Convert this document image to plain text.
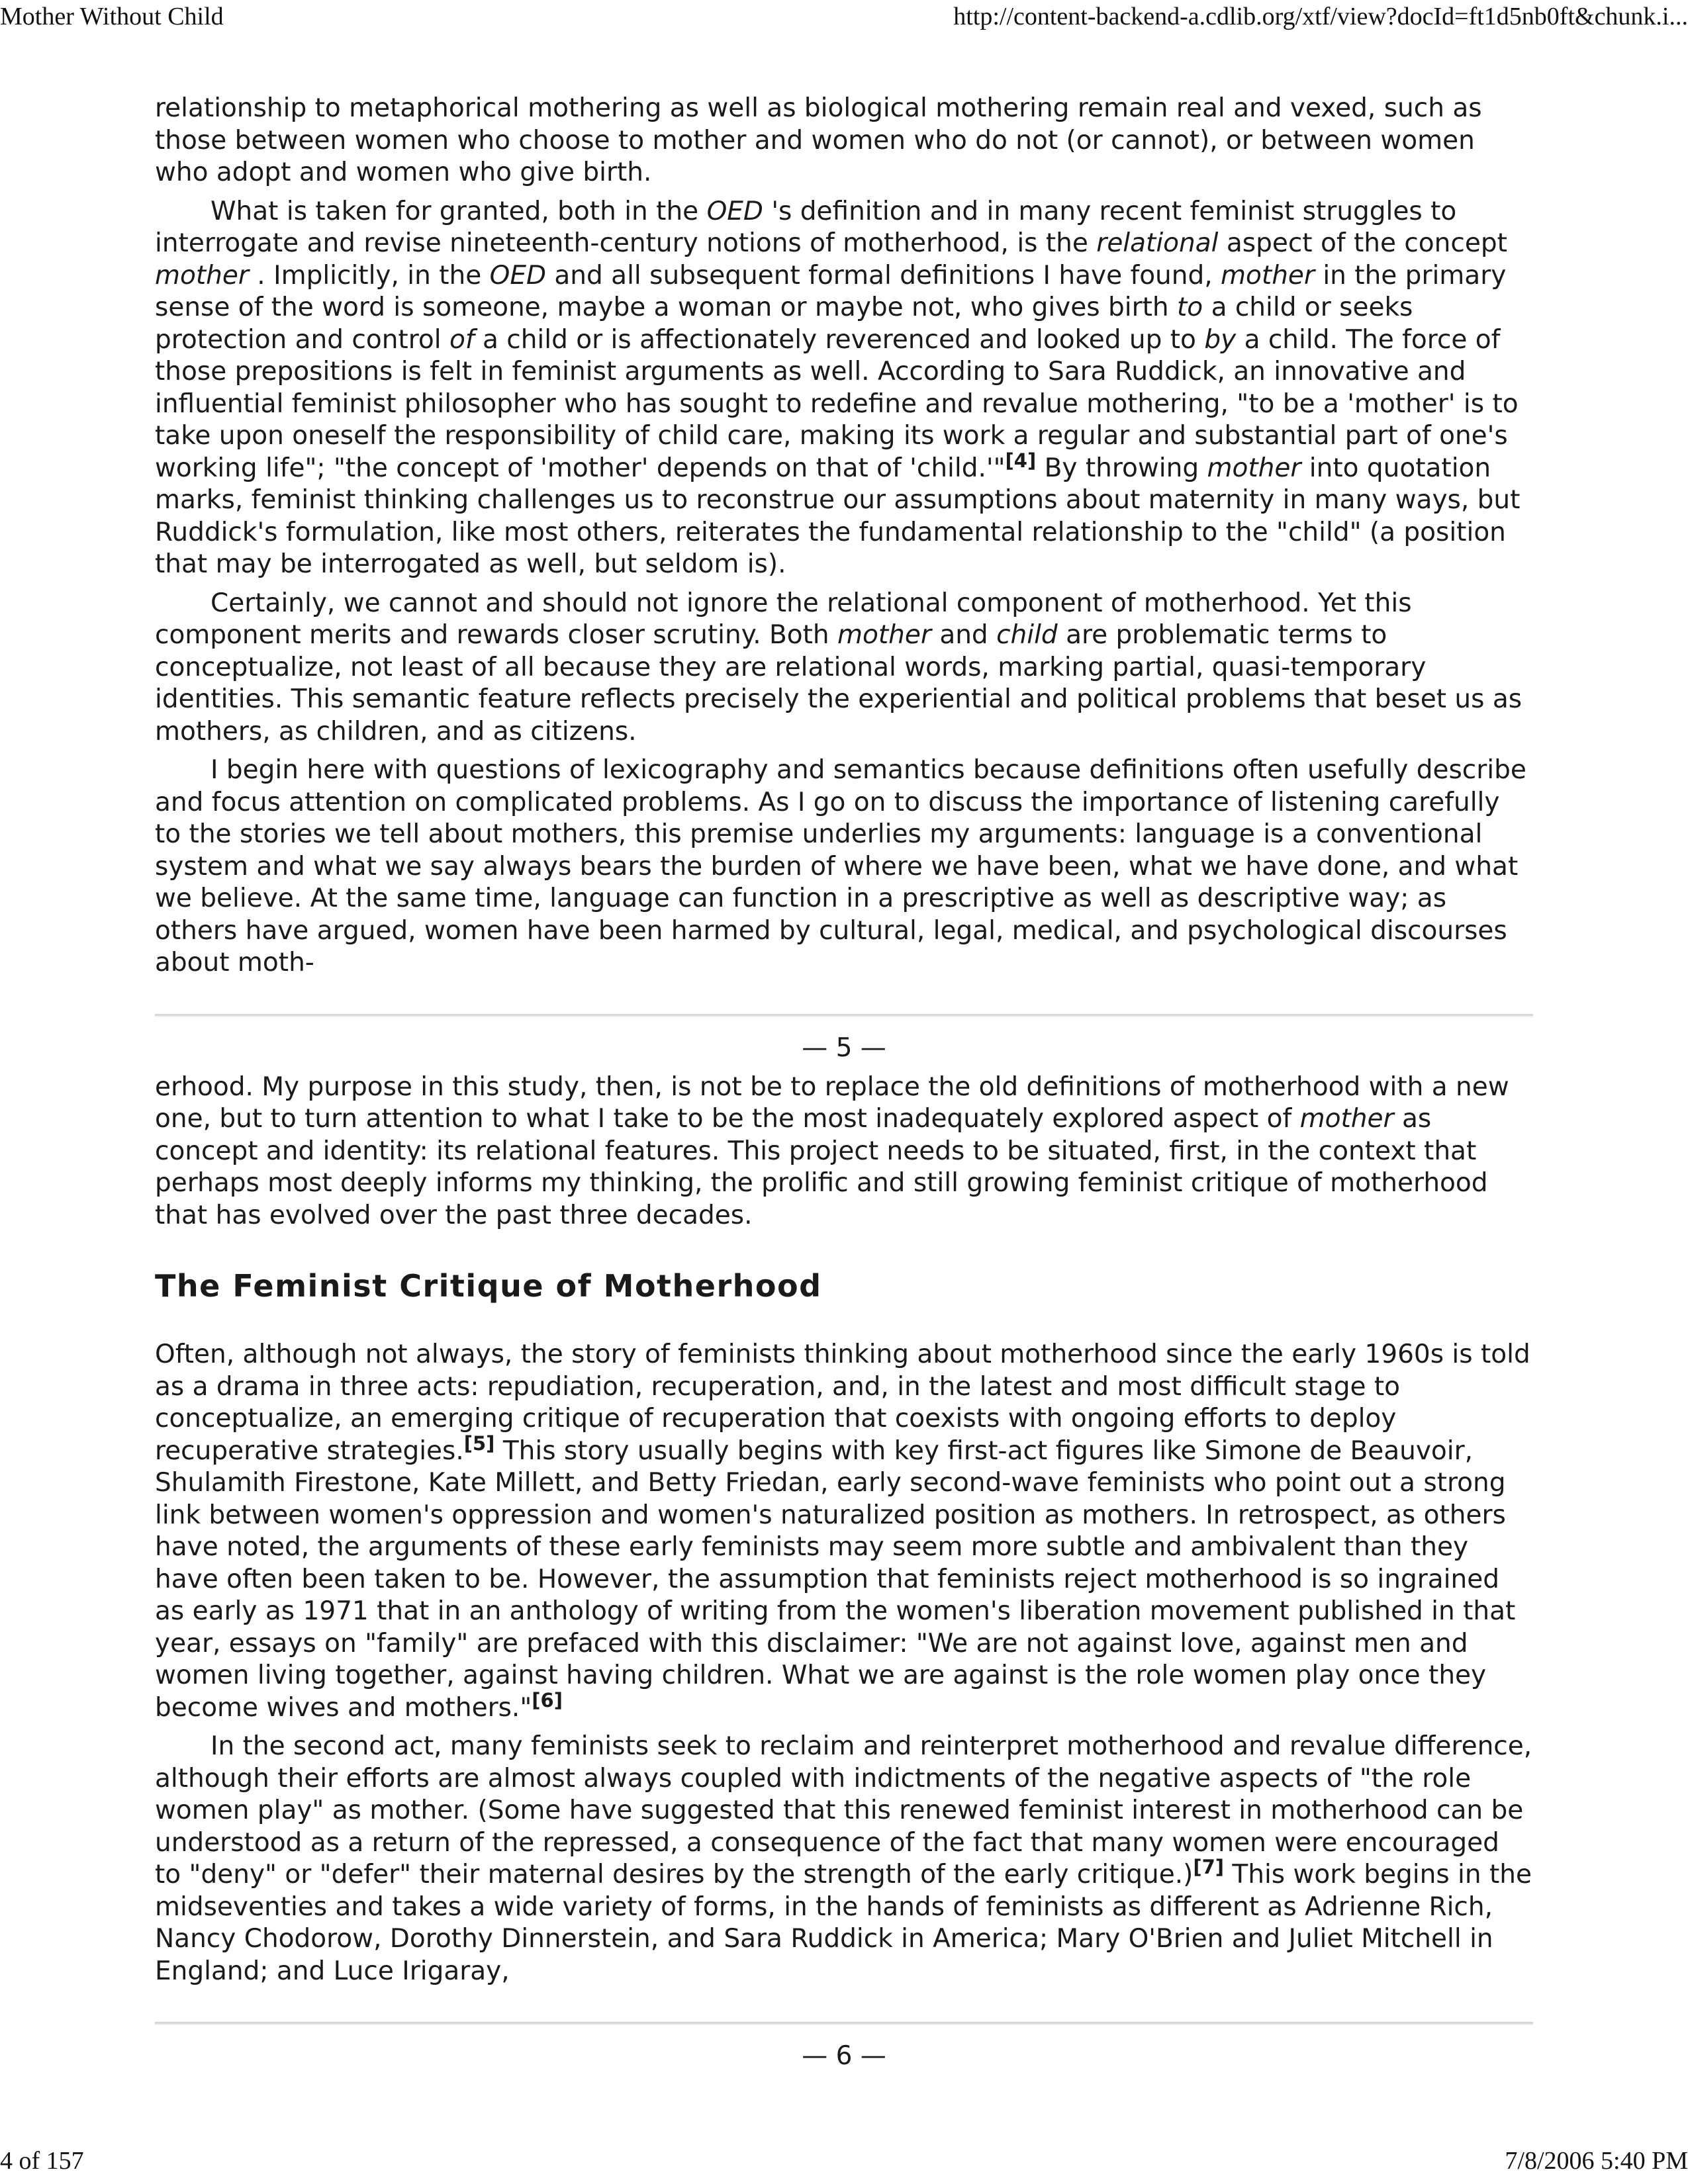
Mother Without Child	http://content-backend-a.cdlib.org/xtf/view?docId=ft1d5nb0ft&chunk.i...

relationship to metaphorical mothering as well as biological mothering remain real and vexed, such as those between women who choose to mother and women who do not (or cannot), or between women who adopt and women who give birth.

What is taken for granted, both in the OED 's definition and in many recent feminist struggles to interrogate and revise nineteenth-century notions of motherhood, is the relational aspect of the concept mother . Implicitly, in the OED and all subsequent formal definitions I have found, mother in the primary sense of the word is someone, maybe a woman or maybe not, who gives birth to a child or seeks protection and control of a child or is affectionately reverenced and looked up to by a child. The force of those prepositions is felt in feminist arguments as well. According to Sara Ruddick, an innovative and influential feminist philosopher who has sought to redefine and revalue mothering, "to be a 'mother' is to take upon oneself the responsibility of child care, making its work a regular and substantial part of one's working life"; "the concept of 'mother' depends on that of 'child.'"[4] By throwing mother into quotation marks, feminist thinking challenges us to reconstrue our assumptions about maternity in many ways, but Ruddick's formulation, like most others, reiterates the fundamental relationship to the "child" (a position that may be interrogated as well, but seldom is).

Certainly, we cannot and should not ignore the relational component of motherhood. Yet this component merits and rewards closer scrutiny. Both mother and child are problematic terms to conceptualize, not least of all because they are relational words, marking partial, quasi-temporary identities. This semantic feature reflects precisely the experiential and political problems that beset us as mothers, as children, and as citizens.

I begin here with questions of lexicography and semantics because definitions often usefully describe and focus attention on complicated problems. As I go on to discuss the importance of listening carefully to the stories we tell about mothers, this premise underlies my arguments: language is a conventional system and what we say always bears the burden of where we have been, what we have done, and what we believe. At the same time, language can function in a prescriptive as well as descriptive way; as others have argued, women have been harmed by cultural, legal, medical, and psychological discourses about moth-

— 5 —

erhood. My purpose in this study, then, is not be to replace the old definitions of motherhood with a new one, but to turn attention to what I take to be the most inadequately explored aspect of mother as concept and identity: its relational features. This project needs to be situated, first, in the context that perhaps most deeply informs my thinking, the prolific and still growing feminist critique of motherhood that has evolved over the past three decades.

The Feminist Critique of Motherhood

Often, although not always, the story of feminists thinking about motherhood since the early 1960s is told as a drama in three acts: repudiation, recuperation, and, in the latest and most difficult stage to conceptualize, an emerging critique of recuperation that coexists with ongoing efforts to deploy recuperative strategies.[5] This story usually begins with key first-act figures like Simone de Beauvoir, Shulamith Firestone, Kate Millett, and Betty Friedan, early second-wave feminists who point out a strong link between women's oppression and women's naturalized position as mothers. In retrospect, as others have noted, the arguments of these early feminists may seem more subtle and ambivalent than they have often been taken to be. However, the assumption that feminists reject motherhood is so ingrained as early as 1971 that in an anthology of writing from the women's liberation movement published in that year, essays on "family" are prefaced with this disclaimer: "We are not against love, against men and women living together, against having children. What we are against is the role women play once they become wives and mothers."[6]

In the second act, many feminists seek to reclaim and reinterpret motherhood and revalue difference, although their efforts are almost always coupled with indictments of the negative aspects of "the role women play" as mother. (Some have suggested that this renewed feminist interest in motherhood can be understood as a return of the repressed, a consequence of the fact that many women were encouraged to "deny" or "defer" their maternal desires by the strength of the early critique.)[7] This work begins in the midseventies and takes a wide variety of forms, in the hands of feminists as different as Adrienne Rich, Nancy Chodorow, Dorothy Dinnerstein, and Sara Ruddick in America; Mary O'Brien and Juliet Mitchell in England; and Luce Irigaray,

— 6 —
4 of 157	7/8/2006 5:40 PM
